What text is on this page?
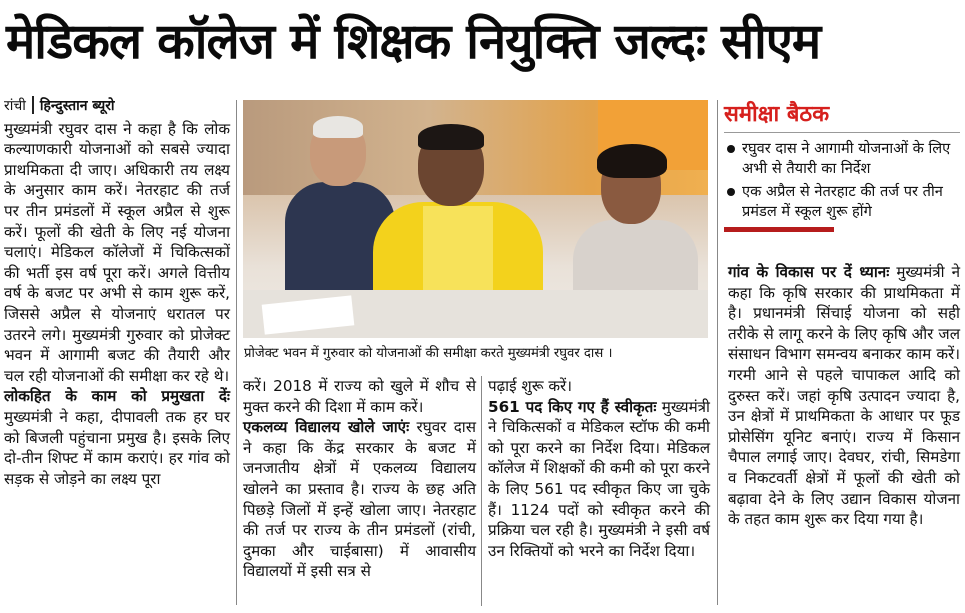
मेडिकल कॉलेज में शिक्षक नियुक्ति जल्दः सीएम
रांची हिन्दुस्तान ब्यूरो

मुख्यमंत्री रघुवर दास ने कहा है कि लोक कल्याणकारी योजनाओं को सबसे ज्यादा प्राथमिकता दी जाए। अधिकारी तय लक्ष्य के अनुसार काम करें। नेतरहाट की तर्ज पर तीन प्रमंडलों में स्कूल अप्रैल से शुरू करें। फूलों की खेती के लिए नई योजना चलाएं। मेडिकल कॉलेजों में चिकित्सकों की भर्ती इस वर्ष पूरा करें। अगले वित्तीय वर्ष के बजट पर अभी से काम शुरू करें, जिससे अप्रैल से योजनाएं धरातल पर उतरने लगे। मुख्यमंत्री गुरुवार को प्रोजेक्ट भवन में आगामी बजट की तैयारी और चल रही योजनाओं की समीक्षा कर रहे थे।

लोकहित के काम को प्रमुखता देंः मुख्यमंत्री ने कहा, दीपावली तक हर घर को बिजली पहुंचाना प्रमुख है। इसके लिए दो-तीन शिफ्ट में काम कराएं। हर गांव को सड़क से जोड़ने का लक्ष्य पूरा

प्रोजेक्ट भवन में गुरुवार को योजनाओं की समीक्षा करते मुख्यमंत्री रघुवर दास ।

करें। 2018 में राज्य को खुले में शौच से मुक्त करने की दिशा में काम करें।

एकलव्य विद्यालय खोले जाएंः रघुवर दास ने कहा कि केंद्र सरकार के बजट में जनजातीय क्षेत्रों में एकलव्य विद्यालय खोलने का प्रस्ताव है। राज्य के छह अति पिछड़े जिलों में इन्हें खोला जाए। नेतरहाट की तर्ज पर राज्य के तीन प्रमंडलों (रांची, दुमका और चाईबासा) में आवासीय विद्यालयों में इसी सत्र से

पढ़ाई शुरू करें।

561 पद किए गए हैं स्वीकृतः मुख्यमंत्री ने चिकित्सकों व मेडिकल स्टॉफ की कमी को पूरा करने का निर्देश दिया। मेडिकल कॉलेज में शिक्षकों की कमी को पूरा करने के लिए 561 पद स्वीकृत किए जा चुके हैं। 1124 पदों को स्वीकृत करने की प्रक्रिया चल रही है। मुख्यमंत्री ने इसी वर्ष उन रिक्तियों को भरने का निर्देश दिया।

समीक्षा बैठक
रघुवर दास ने आगामी योजनाओं के लिए अभी से तैयारी का निर्देश
एक अप्रैल से नेतरहाट की तर्ज पर तीन प्रमंडल में स्कूल शुरू होंगे

गांव के विकास पर दें ध्यानः मुख्यमंत्री ने कहा कि कृषि सरकार की प्राथमिकता में है। प्रधानमंत्री सिंचाई योजना को सही तरीके से लागू करने के लिए कृषि और जल संसाधन विभाग समन्वय बनाकर काम करें। गरमी आने से पहले चापाकल आदि को दुरुस्त करें। जहां कृषि उत्पादन ज्यादा है, उन क्षेत्रों में प्राथमिकता के आधार पर फूड प्रोसेसिंग यूनिट बनाएं। राज्य में किसान चैपाल लगाई जाए। देवघर, रांची, सिमडेगा व निकटवर्ती क्षेत्रों में फूलों की खेती को बढ़ावा देने के लिए उद्यान विकास योजना के तहत काम शुरू कर दिया गया है।
